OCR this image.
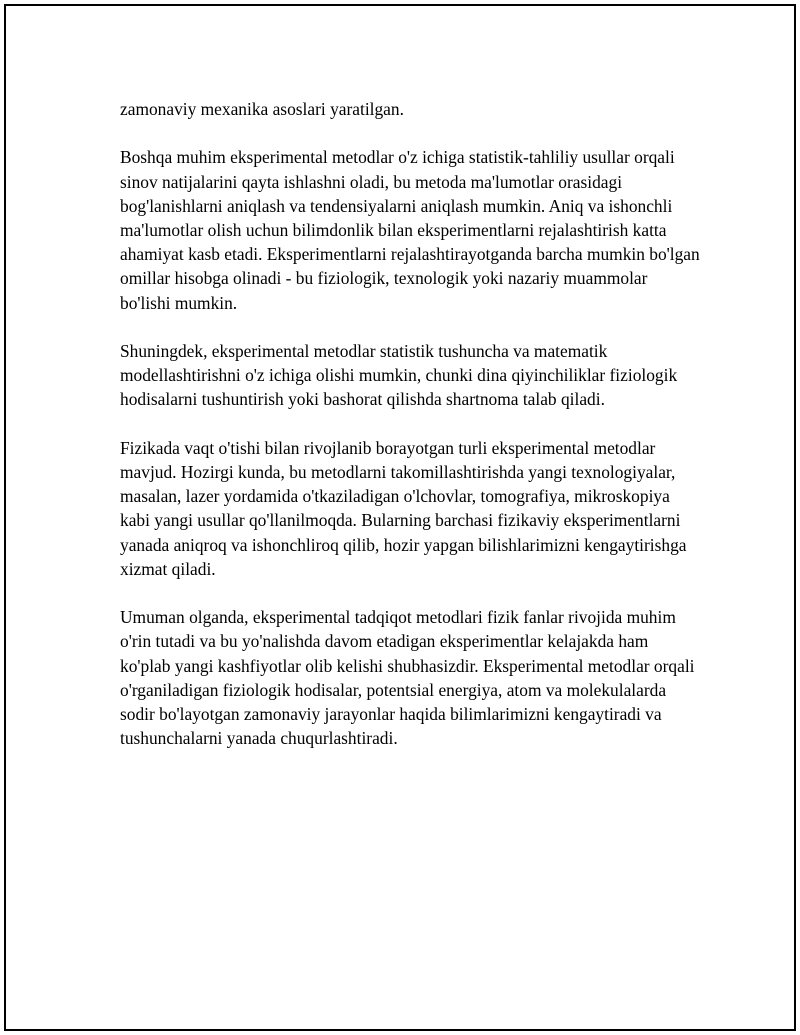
zamonaviy mexanika asoslari yaratilgan.

Boshqa muhim eksperimental metodlar o'z ichiga statistik-tahliliy usullar orqali sinov natijalarini qayta ishlashni oladi, bu metoda ma'lumotlar orasidagi bog'lanishlarni aniqlash va tendensiyalarni aniqlash mumkin. Aniq va ishonchli ma'lumotlar olish uchun bilimdonlik bilan eksperimentlarni rejalashtirish katta ahamiyat kasb etadi. Eksperimentlarni rejalashtirayotganda barcha mumkin bo'lgan omillar hisobga olinadi - bu fiziologik, texnologik yoki nazariy muammolar bo'lishi mumkin.

Shuningdek, eksperimental metodlar statistik tushuncha va matematik modellashtirishni o'z ichiga olishi mumkin, chunki dina qiyinchiliklar fiziologik hodisalarni tushuntirish yoki bashorat qilishda shartnoma talab qiladi.

Fizikada vaqt o'tishi bilan rivojlanib borayotgan turli eksperimental metodlar mavjud. Hozirgi kunda, bu metodlarni takomillashtirishda yangi texnologiyalar, masalan, lazer yordamida o'tkaziladigan o'lchovlar, tomografiya, mikroskopiya kabi yangi usullar qo'llanilmoqda. Bularning barchasi fizikaviy eksperimentlarni yanada aniqroq va ishonchliroq qilib, hozir yapgan bilishlarimizni kengaytirishga xizmat qiladi.

Umuman olganda, eksperimental tadqiqot metodlari fizik fanlar rivojida muhim o'rin tutadi va bu yo'nalishda davom etadigan eksperimentlar kelajakda ham ko'plab yangi kashfiyotlar olib kelishi shubhasizdir. Eksperimental metodlar orqali o'rganiladigan fiziologik hodisalar, potentsial energiya, atom va molekulalarda sodir bo'layotgan zamonaviy jarayonlar haqida bilimlarimizni kengaytiradi va tushunchalarni yanada chuqurlashtiradi.
